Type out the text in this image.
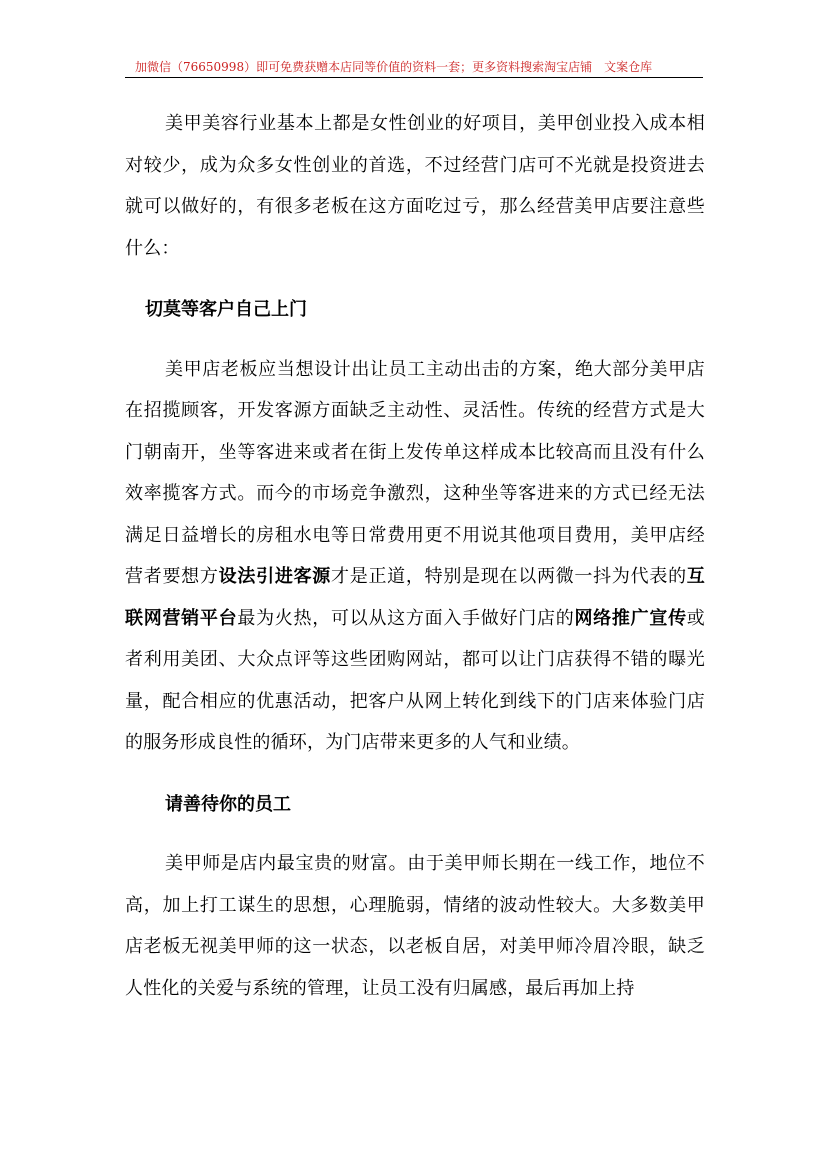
加微信（76650998）即可免费获赠本店同等价值的资料一套；更多资料搜索淘宝店铺 文案仓库

美甲美容行业基本上都是女性创业的好项目，美甲创业投入成本相对较少，成为众多女性创业的首选，不过经营门店可不光就是投资进去就可以做好的，有很多老板在这方面吃过亏，那么经营美甲店要注意些什么：

切莫等客户自己上门

美甲店老板应当想设计出让员工主动出击的方案，绝大部分美甲店在招揽顾客，开发客源方面缺乏主动性、灵活性。传统的经营方式是大门朝南开，坐等客进来或者在街上发传单这样成本比较高而且没有什么效率揽客方式。而今的市场竞争激烈，这种坐等客进来的方式已经无法满足日益增长的房租水电等日常费用更不用说其他项目费用，美甲店经营者要想方设法引进客源才是正道，特别是现在以两微一抖为代表的互联网营销平台最为火热，可以从这方面入手做好门店的网络推广宣传或者利用美团、大众点评等这些团购网站，都可以让门店获得不错的曝光量，配合相应的优惠活动，把客户从网上转化到线下的门店来体验门店的服务形成良性的循环，为门店带来更多的人气和业绩。

请善待你的员工

美甲师是店内最宝贵的财富。由于美甲师长期在一线工作，地位不高，加上打工谋生的思想，心理脆弱，情绪的波动性较大。大多数美甲店老板无视美甲师的这一状态，以老板自居，对美甲师冷眉冷眼，缺乏人性化的关爱与系统的管理，让员工没有归属感，最后再加上持
